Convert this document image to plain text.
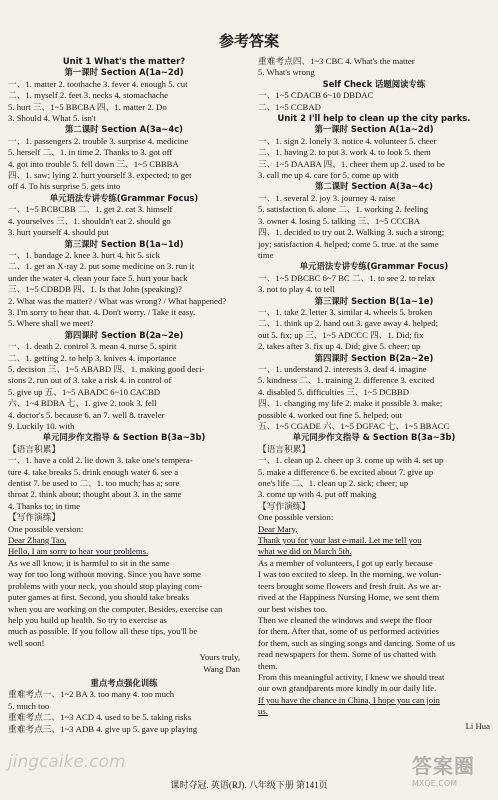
参考答案
Unit 1 What's the matter?
第一课时 Section A(1a~2d)
一、1. matter 2. toothache 3. fever 4. enough 5. cut
二、1. myself 2. feet 3. necks 4. stomachache
5. hurt 三、1~5 BBCBA 四、1. matter 2. Do
3. Should 4. What 5. isn't
第二课时 Section A(3a~4c)
一、1. passengers 2. trouble 3. surprise 4. medicine
5. herself 二、1. in time 2. Thanks to 3. got off
4. got into trouble 5. fell down 三、1~5 CBBBA
四、1. saw; lying 2. hurt yourself 3. expected; to get
off 4. To his surprise 5. gets into
单元语法专讲专练(Grammar Focus)
一、1~5 BCBCBB 二、1. get 2. cat 3. himself
4. yourselves 三、1. shouldn't eat 2. should go
3. hurt yourself 4. should put
第三课时 Section B(1a~1d)
一、1. bandage 2. knee 3. hurt 4. hit 5. sick
二、1. get an X-ray 2. put some medicine on 3. run it
under the water 4. clean your face 5. hurt your back
三、1~5 CDBDB 四、1. Is that John (speaking)?
2. What was the matter? / What was wrong? / What happened?
3. I'm sorry to hear that. 4. Don't worry. / Take it easy.
5. Where shall we meet?
第四课时 Section B(2a~2e)
一、1. death 2. control 3. mean 4. nurse 5. spirit
二、1. getting 2. to help 3. knives 4. importance
5. decision 三、1~5 ABABD 四、1. making good deci-
sions 2. run out of 3. take a risk 4. in control of
5. give up 五、1~5 ABADC 6~10 CACBD
六、1~4 BDBA 七、1. give 2. took 3. fell
4. doctor's 5. because 6. an 7. well 8. traveler
9. Luckily 10. with
单元同步作文指导 & Section B(3a~3b)
【语言积累】
一、1. have a cold 2. lie down 3. take one's tempera-
ture 4. take breaks 5. drink enough water 6. see a
dentist 7. be used to 二、1. too much; has a; sore
throat 2. think about; thought about 3. in the same
4. Thanks to; in time
【写作演练】
One possible version:
Dear Zhang Tao,
Hello, I am sorry to hear your problems.
As we all know, it is harmful to sit in the same
way for too long without moving. Since you have some
problems with your neck, you should stop playing com-
puter games at first. Second, you should take breaks
when you are working on the computer. Besides, exercise can
help you build up health. So try to exercise as
much as possible. If you follow all these tips, you'll be
well soon!
Yours truly,
Wang Dan
重点考点强化训练
重难考点一、1~2 BA 3. too many 4. too much
5. much too
重难考点二、1~3 ACD 4. used to be 5. taking risks
重难考点三、1~3 ADB 4. give up 5. gave up playing
重难考点四、1~3 CBC 4. What's the matter
5. What's wrong
Self Check 话题阅读专练
一、1~5 CDACB 6~10 DBDAC
二、1~5 CCBAD
Unit 2 I'll help to clean up the city parks.
第一课时 Section A(1a~2d)
一、1. sign 2. lonely 3. notice 4. volunteer 5. cheer
二、1. having 2. to put 3. work 4. to look 5. them
三、1~5 DAABA 四、1. cheer them up 2. used to be
3. call me up 4. care for 5. come up with
第二课时 Section A(3a~4c)
一、1. several 2. joy 3. journey 4. raise
5. satisfaction 6. alone 二、1. working 2. feeling
3. owner 4. losing 5. talking 三、1~5 CCCBA
四、1. decided to try out 2. Walking 3. such a strong;
joy; satisfaction 4. helped; come 5. true. at the same
time
单元语法专讲专练(Grammar Focus)
一、1~5 DBCBC 6~7 BC 二、1. to see 2. to relax
3. not to play 4. to tell
第三课时 Section B(1a~1e)
一、1. take 2. letter 3. similar 4. wheels 5. broken
二、1. think up 2. hand out 3. gave away 4. helped;
out 5. fix; up 三、1~5 ADCCC 四、1. Did; fix
2. takes after 3. fix up 4. Did; give 5. cheer; up
第四课时 Section B(2a~2e)
一、1. understand 2. interests 3. deaf 4. imagine
5. kindness 二、1. training 2. difference 3. excited
4. disabled 5. difficulties 三、1~5 DCBBD
四、1. changing my life 2. make it possible 3. make;
possible 4. worked out fine 5. helped; out
五、1~5 CGADE 六、1~5 DGFAC 七、1~5 BBACC
单元同步作文指导 & Section B(3a~3b)
【语言积累】
一、1. clean up 2. cheer up 3. come up with 4. set up
5. make a difference 6. be excited about 7. give up
one's life 二、1. clean up 2. sick; cheer; up
3. come up with 4. put off making
【写作演练】
One possible version:
Dear Mary,
Thank you for your last e-mail. Let me tell you
what we did on March 5th.
As a member of volunteers, I got up early because
I was too excited to sleep. In the morning, we volun-
teers brought some flowers and fresh fruit. As we ar-
rived at the Happiness Nursing Home, we sent them
our best wishes too.
Then we cleaned the windows and swept the floor
for them. After that, some of us performed activities
for them, such as singing songs and dancing. Some of us
read newspapers for them. Some of us chatted with
them.
From this meaningful activity, I knew we should treat
our own grandparents more kindly in our daily life.
If you have the chance in China, I hope you can join
us.
Li Hua
课时夺冠. 英语(RJ). 八年级下册 第141页
jingcaike.com	答案圈
MXQE.COM
